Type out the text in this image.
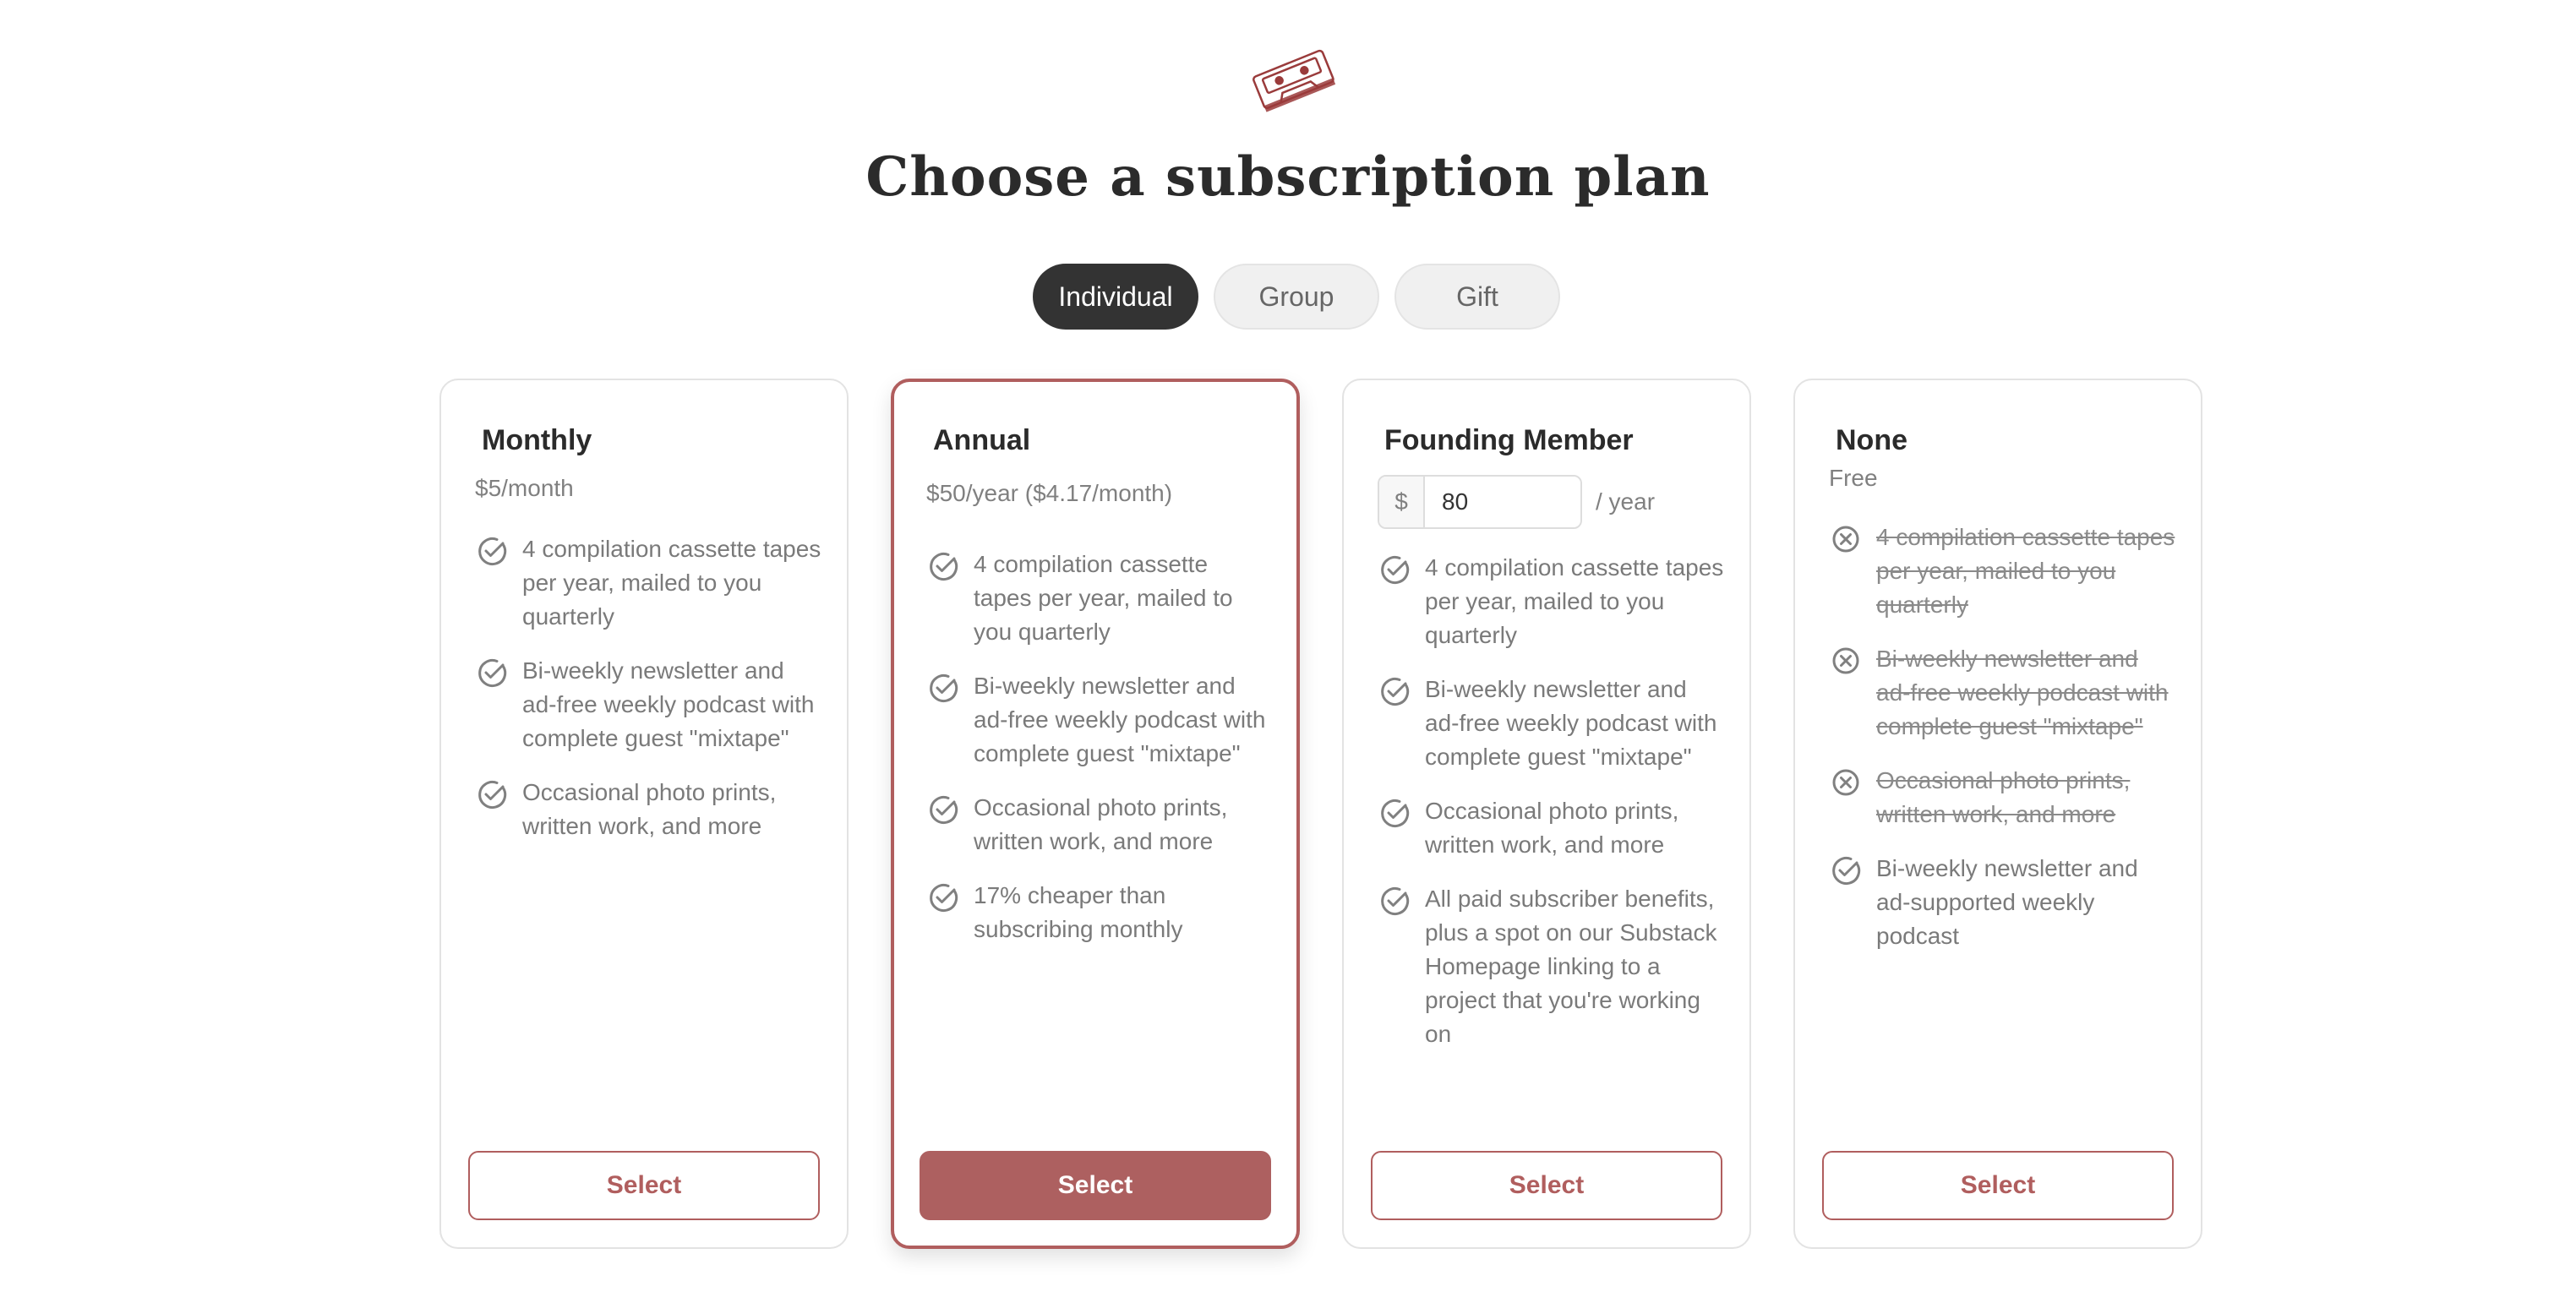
Choose a subscription plan
Individual	Group	Gift
Monthly
$5/month
4 compilation cassette tapes per year, mailed to you quarterly
Bi-weekly newsletter and ad-free weekly podcast with complete guest "mixtape"
Occasional photo prints, written work, and more
Select
Annual
$50/year ($4.17/month)
4 compilation cassette tapes per year, mailed to you quarterly
Bi-weekly newsletter and ad-free weekly podcast with complete guest "mixtape"
Occasional photo prints, written work, and more
17% cheaper than subscribing monthly
Select
Founding Member
$
80	/ year
4 compilation cassette tapes per year, mailed to you quarterly
Bi-weekly newsletter and ad-free weekly podcast with complete guest "mixtape"
Occasional photo prints, written work, and more
All paid subscriber benefits, plus a spot on our Substack Homepage linking to a project that you're working on
Select
None
Free
4 compilation cassette tapes per year, mailed to you quarterly
Bi-weekly newsletter and ad-free weekly podcast with complete guest "mixtape"
Occasional photo prints, written work, and more
Bi-weekly newsletter and ad-supported weekly podcast
Select
